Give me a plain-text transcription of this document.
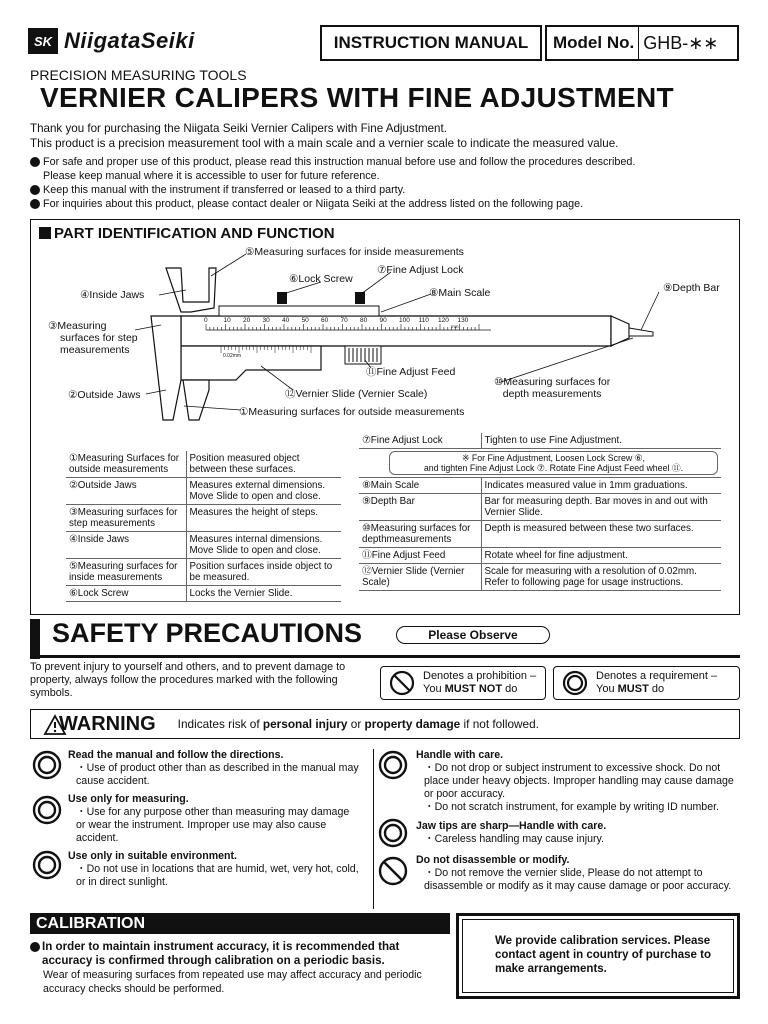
SK NiigataSeiki	INSTRUCTION MANUAL	Model No. GHB-∗∗
PRECISION MEASURING TOOLS
VERNIER CALIPERS WITH FINE ADJUSTMENT
Thank you for purchasing the Niigata Seiki Vernier Calipers with Fine Adjustment.
This product is a precision measurement tool with a main scale and a vernier scale to indicate the measured value.
For safe and proper use of this product, please read this instruction manual before use and follow the procedures described.
Please keep manual where it is accessible to user for future reference.
Keep this manual with the instrument if transferred or leased to a third party.
For inquiries about this product, please contact dealer or Niigata Seiki at the address listed on the following page.
PART IDENTIFICATION AND FUNCTION
0 10 20 30 40 50 60 70 80 90 100 110 120 130
mm
0.02mm
⑤Measuring surfaces for inside measurements
⑥Lock Screw
⑦Fine Adjust Lock
④Inside Jaws	⑧Main Scale	⑨Depth Bar
③Measuring
surfaces for step
measurements
⑪Fine Adjust Feed
⑩Measuring surfaces for
depth measurements
②Outside Jaws	⑫Vernier Slide (Vernier Scale)
①Measuring surfaces for outside measurements
①Measuring Surfaces for outside measurements	Position measured object between these surfaces.
②Outside Jaws	Measures external dimensions. Move Slide to open and close.
③Measuring surfaces for step measurements	Measures the height of steps.
④Inside Jaws	Measures internal dimensions. Move Slide to open and close.
⑤Measuring surfaces for inside measurements	Position surfaces inside object to be measured.
⑥Lock Screw	Locks the Vernier Slide.
⑦Fine Adjust Lock	Tighten to use Fine Adjustment.

※ For Fine Adjustment, Loosen Lock Screw ⑥,
and tighten Fine Adjust Lock ⑦. Rotate Fine Adjust Feed wheel ⑪.	

⑧Main Scale	Indicates measured value in 1mm graduations.
⑨Depth Bar	Bar for measuring depth. Bar moves in and out with Vernier Slide.
⑩Measuring surfaces for depthmeasurements	Depth is measured between these two surfaces.
⑪Fine Adjust Feed	Rotate wheel for fine adjustment.
⑫Vernier Slide (Vernier Scale)	Scale for measuring with a resolution of 0.02mm. Refer to following page for usage instructions.
SAFETY PRECAUTIONS	Please Observe
To prevent injury to yourself and others, and to prevent damage to property, always follow the procedures marked with the following symbols.
Denotes a prohibition –
You MUST NOT do
Denotes a requirement –
You MUST do
WARNING Indicates risk of personal injury or property damage if not followed.
Read the manual and follow the directions.
・Use of product other than as described in the manual may cause accident.
Use only for measuring.
・Use for any purpose other than measuring may damage or wear the instrument. Improper use may also cause accident.
Use only in suitable environment.
・Do not use in locations that are humid, wet, very hot, cold, or in direct sunlight.
Handle with care.
・Do not drop or subject instrument to excessive shock. Do not place under heavy objects. Improper handling may cause damage or poor accuracy.
・Do not scratch instrument, for example by writing ID number.
Jaw tips are sharp—Handle with care.
・Careless handling may cause injury.
Do not disassemble or modify.
・Do not remove the vernier slide, Please do not attempt to disassemble or modify as it may cause damage or poor accuracy.
CALIBRATION
In order to maintain instrument accuracy, it is recommended that accuracy is confirmed through calibration on a periodic basis.
Wear of measuring surfaces from repeated use may affect accuracy and periodic accuracy checks should be performed.
We provide calibration services. Please contact agent in country of purchase to make arrangements.
